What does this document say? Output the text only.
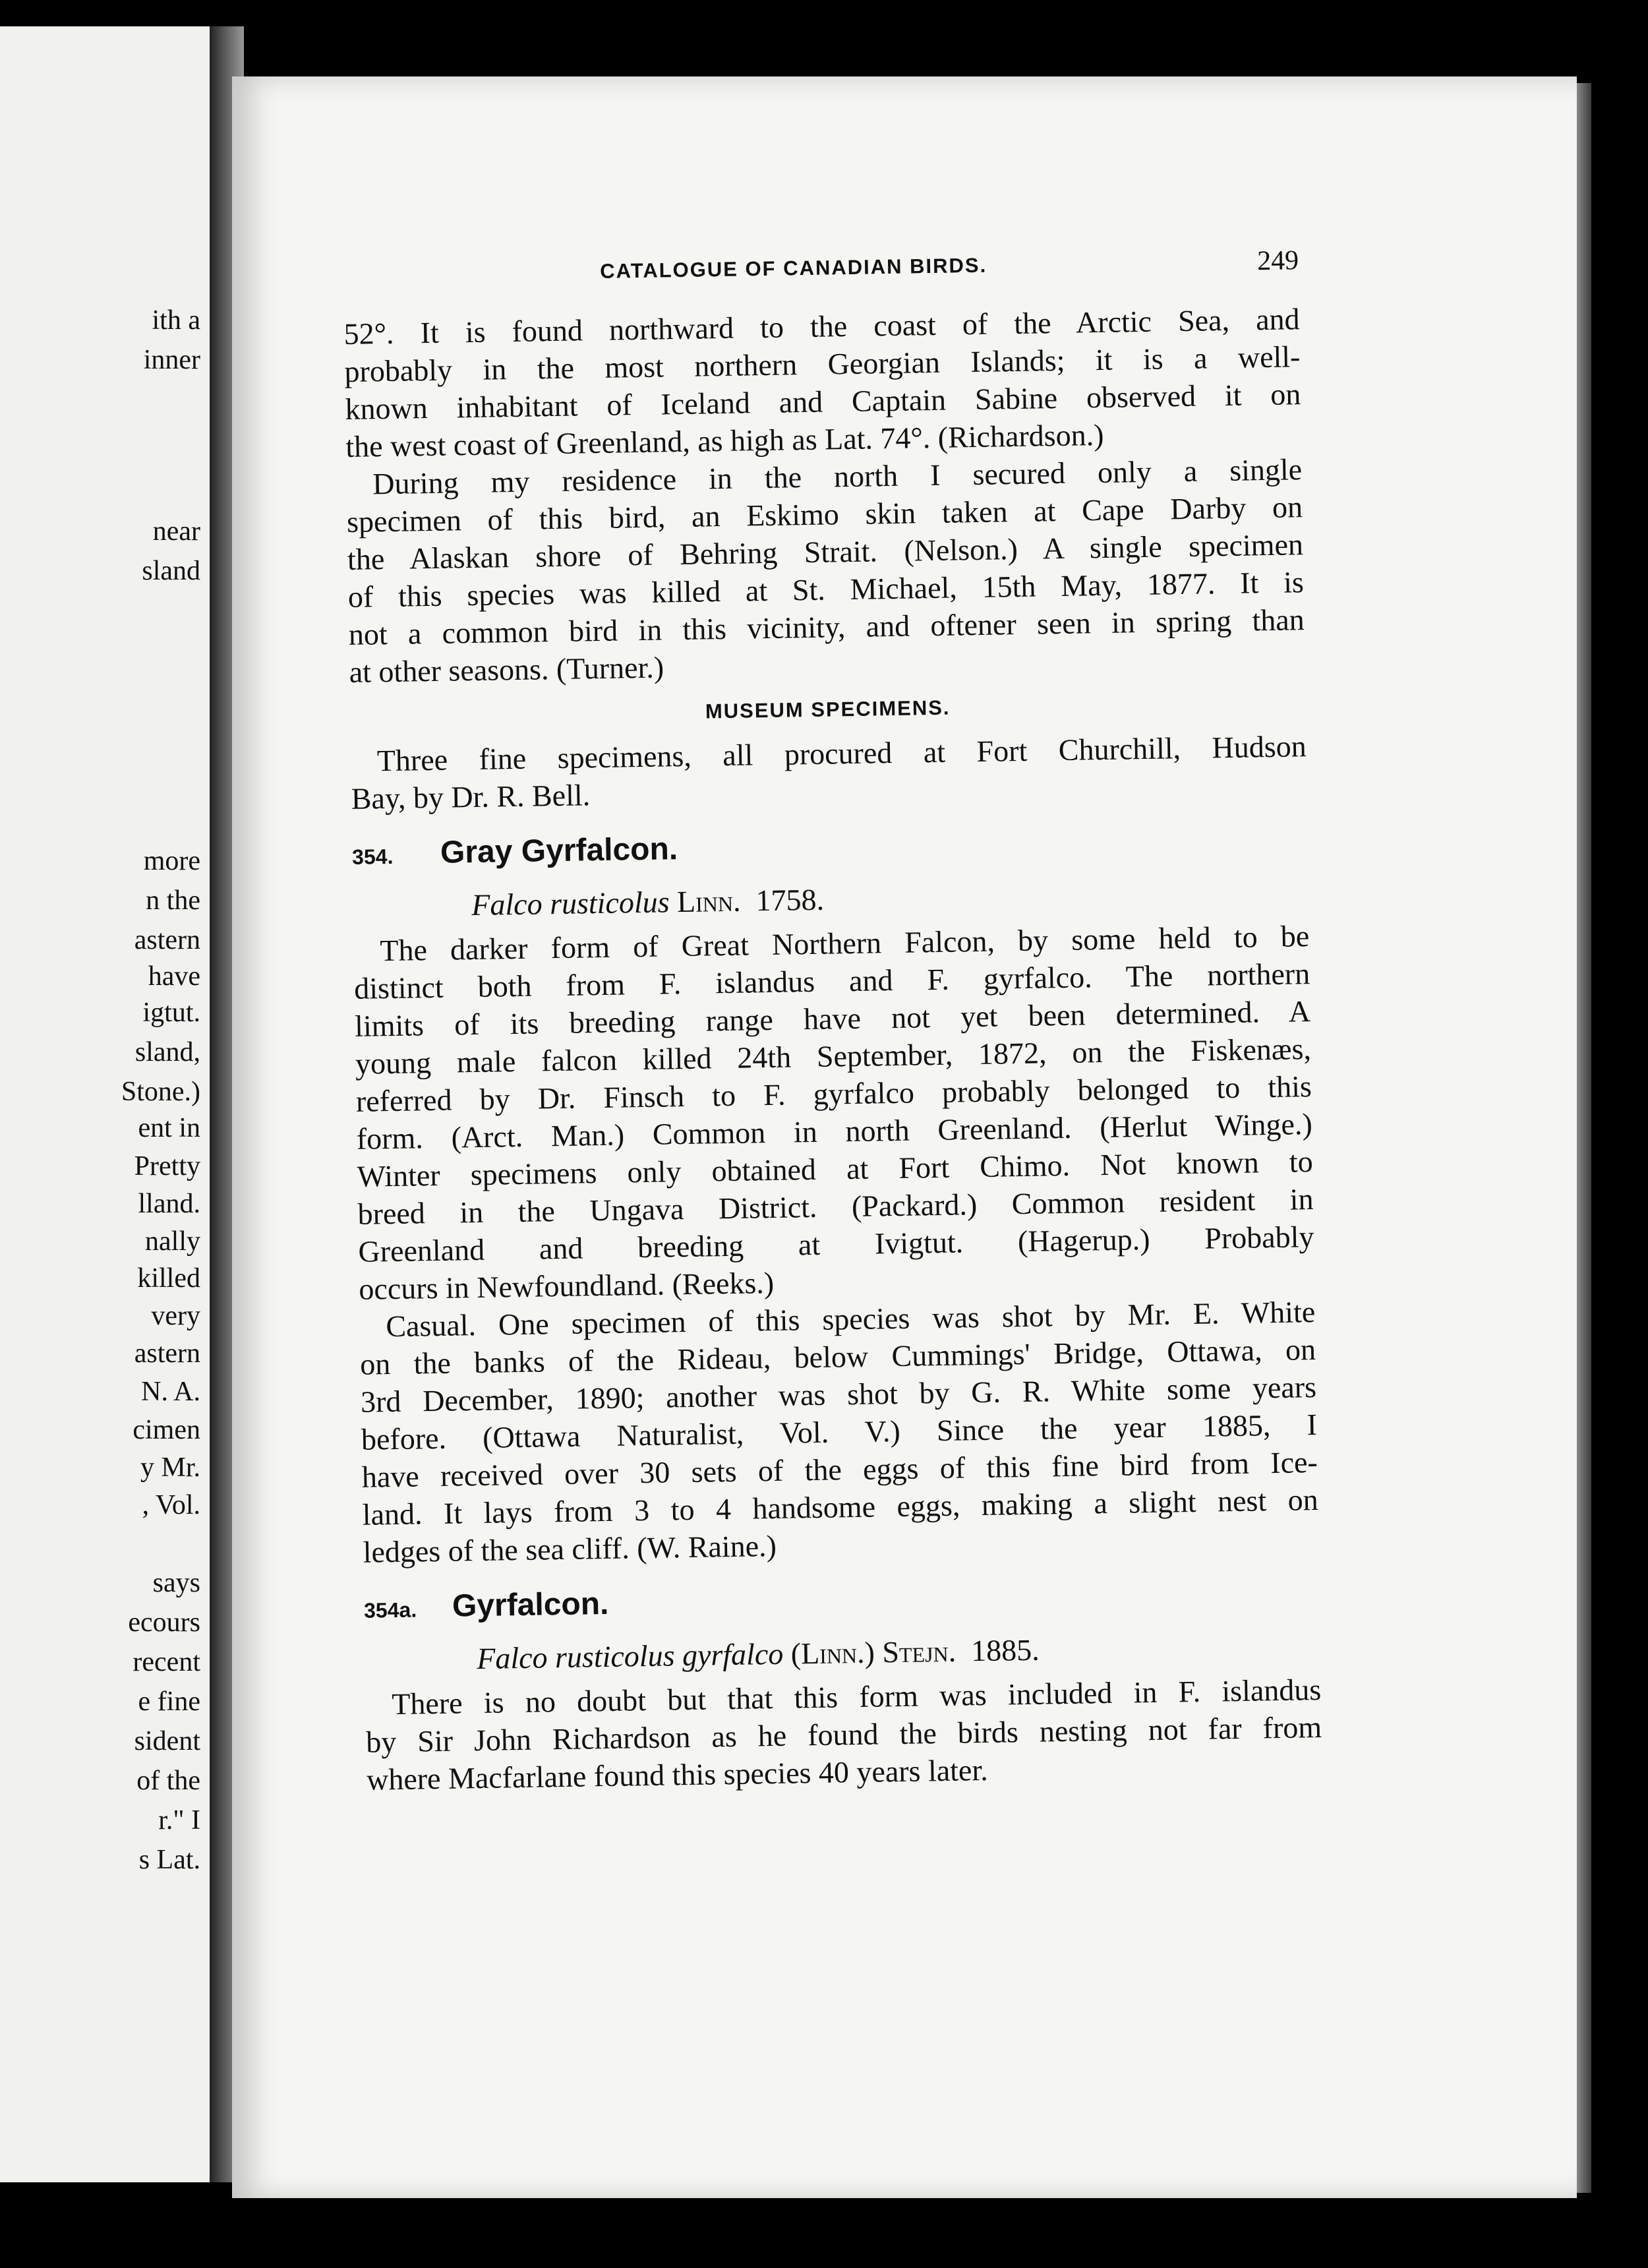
ith a
inner
near
sland
more
n the
astern
have
igtut.
sland,
Stone.)
ent in
Pretty
lland.
nally
killed
very
astern
N. A.
cimen
y Mr.
, Vol.
says
ecours
recent
e fine
sident
of the
r." I
s Lat.
CATALOGUE OF CANADIAN BIRDS.	249
52°. It is found northward to the coast of the Arctic Sea, and
probably in the most northern Georgian Islands; it is a well-
known inhabitant of Iceland and Captain Sabine observed it on
the west coast of Greenland, as high as Lat. 74°. (Richardson.)
During my residence in the north I secured only a single
specimen of this bird, an Eskimo skin taken at Cape Darby on
the Alaskan shore of Behring Strait. (Nelson.) A single specimen
of this species was killed at St. Michael, 15th May, 1877. It is
not a common bird in this vicinity, and oftener seen in spring than
at other seasons. (Turner.)
MUSEUM SPECIMENS.
Three fine specimens, all procured at Fort Churchill, Hudson
Bay, by Dr. R. Bell.
354. Gray Gyrfalcon.
Falco rusticolus Linn. 1758.
The darker form of Great Northern Falcon, by some held to be
distinct both from F. islandus and F. gyrfalco. The northern
limits of its breeding range have not yet been determined. A
young male falcon killed 24th September, 1872, on the Fiskenæs,
referred by Dr. Finsch to F. gyrfalco probably belonged to this
form. (Arct. Man.) Common in north Greenland. (Herlut Winge.)
Winter specimens only obtained at Fort Chimo. Not known to
breed in the Ungava District. (Packard.) Common resident in
Greenland and breeding at Ivigtut. (Hagerup.) Probably
occurs in Newfoundland. (Reeks.)
Casual. One specimen of this species was shot by Mr. E. White
on the banks of the Rideau, below Cummings' Bridge, Ottawa, on
3rd December, 1890; another was shot by G. R. White some years
before. (Ottawa Naturalist, Vol. V.) Since the year 1885, I
have received over 30 sets of the eggs of this fine bird from Ice-
land. It lays from 3 to 4 handsome eggs, making a slight nest on
ledges of the sea cliff. (W. Raine.)
354a. Gyrfalcon.
Falco rusticolus gyrfalco (Linn.) Stejn. 1885.
There is no doubt but that this form was included in F. islandus
by Sir John Richardson as he found the birds nesting not far from
where Macfarlane found this species 40 years later.
